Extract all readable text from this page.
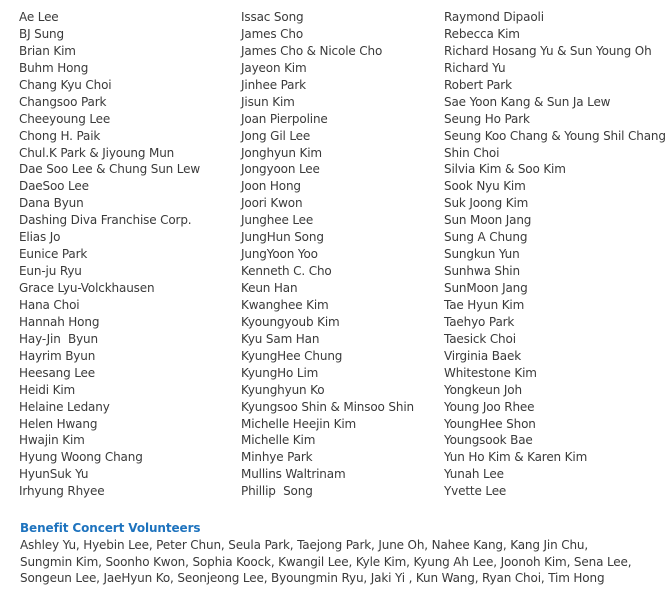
Ae Lee
BJ Sung
Brian Kim
Buhm Hong
Chang Kyu Choi
Changsoo Park
Cheeyoung Lee
Chong H. Paik
Chul.K Park & Jiyoung Mun
Dae Soo Lee & Chung Sun Lew
DaeSoo Lee
Dana Byun
Dashing Diva Franchise Corp.
Elias Jo
Eunice Park
Eun-ju Ryu
Grace Lyu-Volckhausen
Hana Choi
Hannah Hong
Hay-Jin  Byun
Hayrim Byun
Heesang Lee
Heidi Kim
Helaine Ledany
Helen Hwang
Hwajin Kim
Hyung Woong Chang
HyunSuk Yu
Irhyung Rhyee
Issac Song
James Cho
James Cho & Nicole Cho
Jayeon Kim
Jinhee Park
Jisun Kim
Joan Pierpoline
Jong Gil Lee
Jonghyun Kim
Jongyoon Lee
Joon Hong
Joori Kwon
Junghee Lee
JungHun Song
JungYoon Yoo
Kenneth C. Cho
Keun Han
Kwanghee Kim
Kyoungyoub Kim
Kyu Sam Han
KyungHee Chung
KyungHo Lim
Kyunghyun Ko
Kyungsoo Shin & Minsoo Shin
Michelle Heejin Kim
Michelle Kim
Minhye Park
Mullins Waltrinam
Phillip  Song
Raymond Dipaoli
Rebecca Kim
Richard Hosang Yu & Sun Young Oh
Richard Yu
Robert Park
Sae Yoon Kang & Sun Ja Lew
Seung Ho Park
Seung Koo Chang & Young Shil Chang
Shin Choi
Silvia Kim & Soo Kim
Sook Nyu Kim
Suk Joong Kim
Sun Moon Jang
Sung A Chung
Sungkun Yun
Sunhwa Shin
SunMoon Jang
Tae Hyun Kim
Taehyo Park
Taesick Choi
Virginia Baek
Whitestone Kim
Yongkeun Joh
Young Joo Rhee
YoungHee Shon
Youngsook Bae
Yun Ho Kim & Karen Kim
Yunah Lee
Yvette Lee
Benefit Concert Volunteers
Ashley Yu, Hyebin Lee, Peter Chun, Seula Park, Taejong Park, June Oh, Nahee Kang, Kang Jin Chu,
Sungmin Kim, Soonho Kwon, Sophia Koock, Kwangil Lee, Kyle Kim, Kyung Ah Lee, Joonoh Kim, Sena Lee,
Songeun Lee, JaeHyun Ko, Seonjeong Lee, Byoungmin Ryu, Jaki Yi , Kun Wang, Ryan Choi, Tim Hong
